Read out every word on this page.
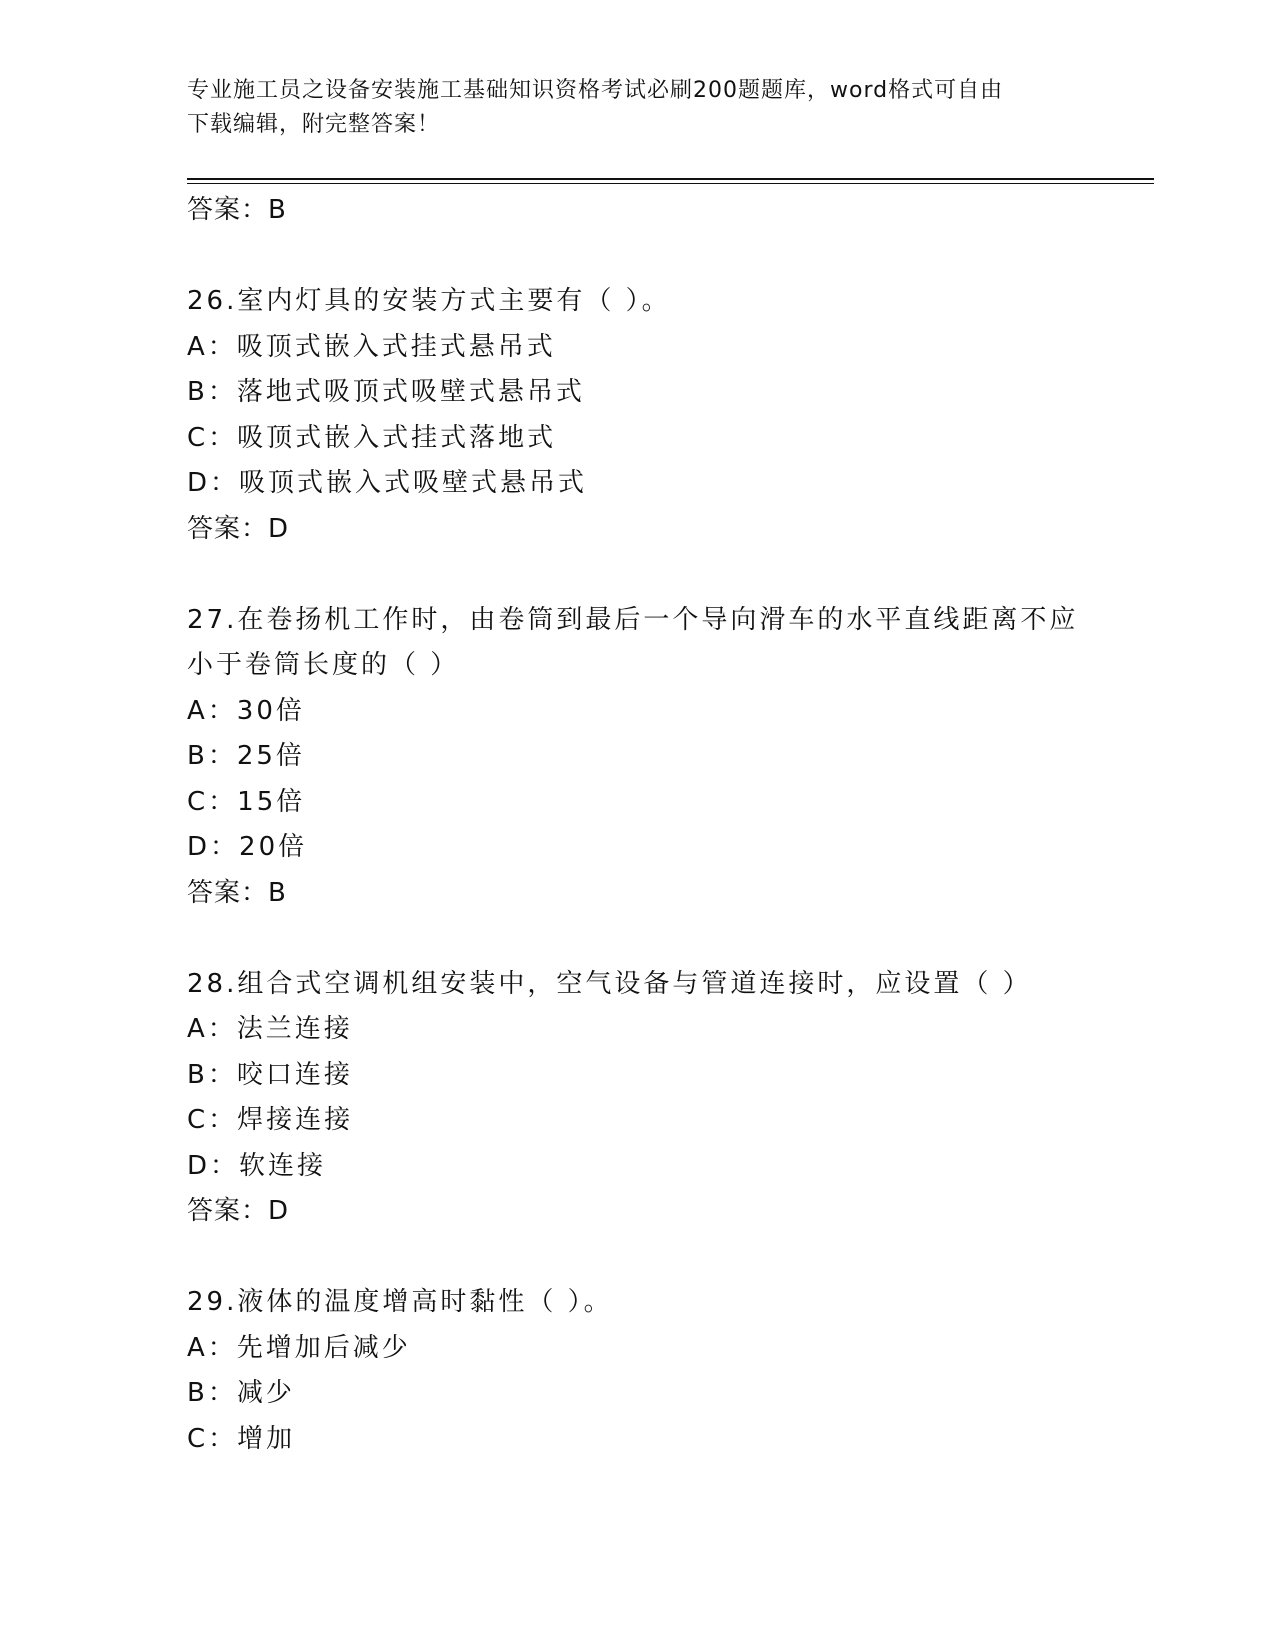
专业施工员之设备安装施工基础知识资格考试必刷200题题库，word格式可自由
下载编辑，附完整答案！
答案：B
26.室内灯具的安装方式主要有（ ）。
A：吸顶式嵌入式挂式悬吊式
B：落地式吸顶式吸壁式悬吊式
C：吸顶式嵌入式挂式落地式
D：吸顶式嵌入式吸壁式悬吊式
答案：D
27.在卷扬机工作时，由卷筒到最后一个导向滑车的水平直线距离不应
小于卷筒长度的（ ）
A：30倍
B：25倍
C：15倍
D：20倍
答案：B
28.组合式空调机组安装中，空气设备与管道连接时，应设置（ ）
A：法兰连接
B：咬口连接
C：焊接连接
D：软连接
答案：D
29.液体的温度增高时黏性（ ）。
A：先增加后减少
B：减少
C：增加
